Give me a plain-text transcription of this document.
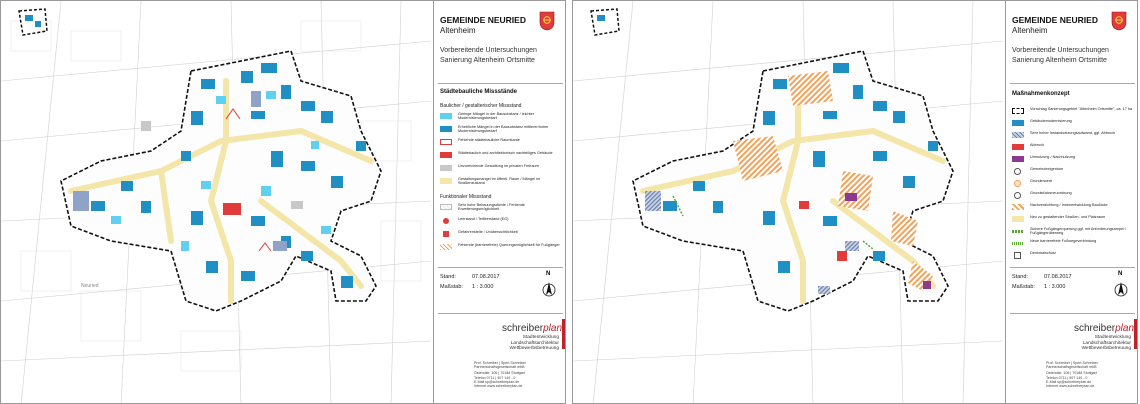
Neuried
GEMEINDE NEURIED
Altenheim
Vorbereitende Untersuchungen
Sanierung Altenheim Ortsmitte
Städtebauliche Missstände
Baulicher / gestalterischer Missstand
Geringe Mängel in der Bausubstanz / leichter Modernisierungsbedarf
Erhebliche Mängel in der Bausubstanz mittlerer/hoher Modernisierungsbedarf
Fehlende städtebauliche Raumkante
Städtebaulich und architektonisch nachteiliges Gebäude
Unzureichende Gestaltung im privaten Freiraum
Gestaltungsmangel im öffentl. Raum / Mängel im Straßenzustand
Funktionaler Missstand
Sehr hohe Bebauungsdichte / Fehlende Erweiterungsmöglichkeit
Leerstand / Teilleerstand (EG)
Gefahrenstelle / Unübersichtlichkeit
Fehlende (barrierefreie) Querungsmöglichkeit für Fußgänger
Stand:	07.08.2017
Maßstab: 1 : 3.000
N
schreiberplan
Stadtentwicklung
Landschaftsarchitektur
Wettbewerbsbetreuung
Prof. Schreiber | Sperl-Schreiber
Partnerschaftsgesellschaft mbB
Ostendstr. 106 | 70188 Stuttgart
Telefon 0711 | 907 149 - 0
E-Mail sp@schreiberplan.de
Internet www.schreiberplan.de
GEMEINDE NEURIED
Altenheim
Vorbereitende Untersuchungen
Sanierung Altenheim Ortsmitte
Maßnahmenkonzept
Vorschlag Sanierungsgebiet "Altenheim Ortsmitte", ca. 17 ha
Gebäudemodernisierung
Sehr hoher Instandsetzungsaufwand, ggf. Abbruch
Abbruch
Umnutzung / Nachnutzung
Gemeindeeigentum
Grunderwerb
Grundstücksneuordnung
Nachverdichtung / Innenentwicklung Baulücke
Neu zu gestaltender Straßen- und Platzraum
Sichere Fußgängerquerung ggf. mit Anforderungsampel / Fußgängerüberweg
Neue barrierefreie Fußwegeverbindung
Denkmalschutz
Stand:	07.08.2017
Maßstab: 1 : 3.000
N
schreiberplan
Stadtentwicklung
Landschaftsarchitektur
Wettbewerbsbetreuung
Prof. Schreiber | Sperl-Schreiber
Partnerschaftsgesellschaft mbB
Ostendstr. 106 | 70188 Stuttgart
Telefon 0711 | 907 149 - 0
E-Mail sp@schreiberplan.de
Internet www.schreiberplan.de
